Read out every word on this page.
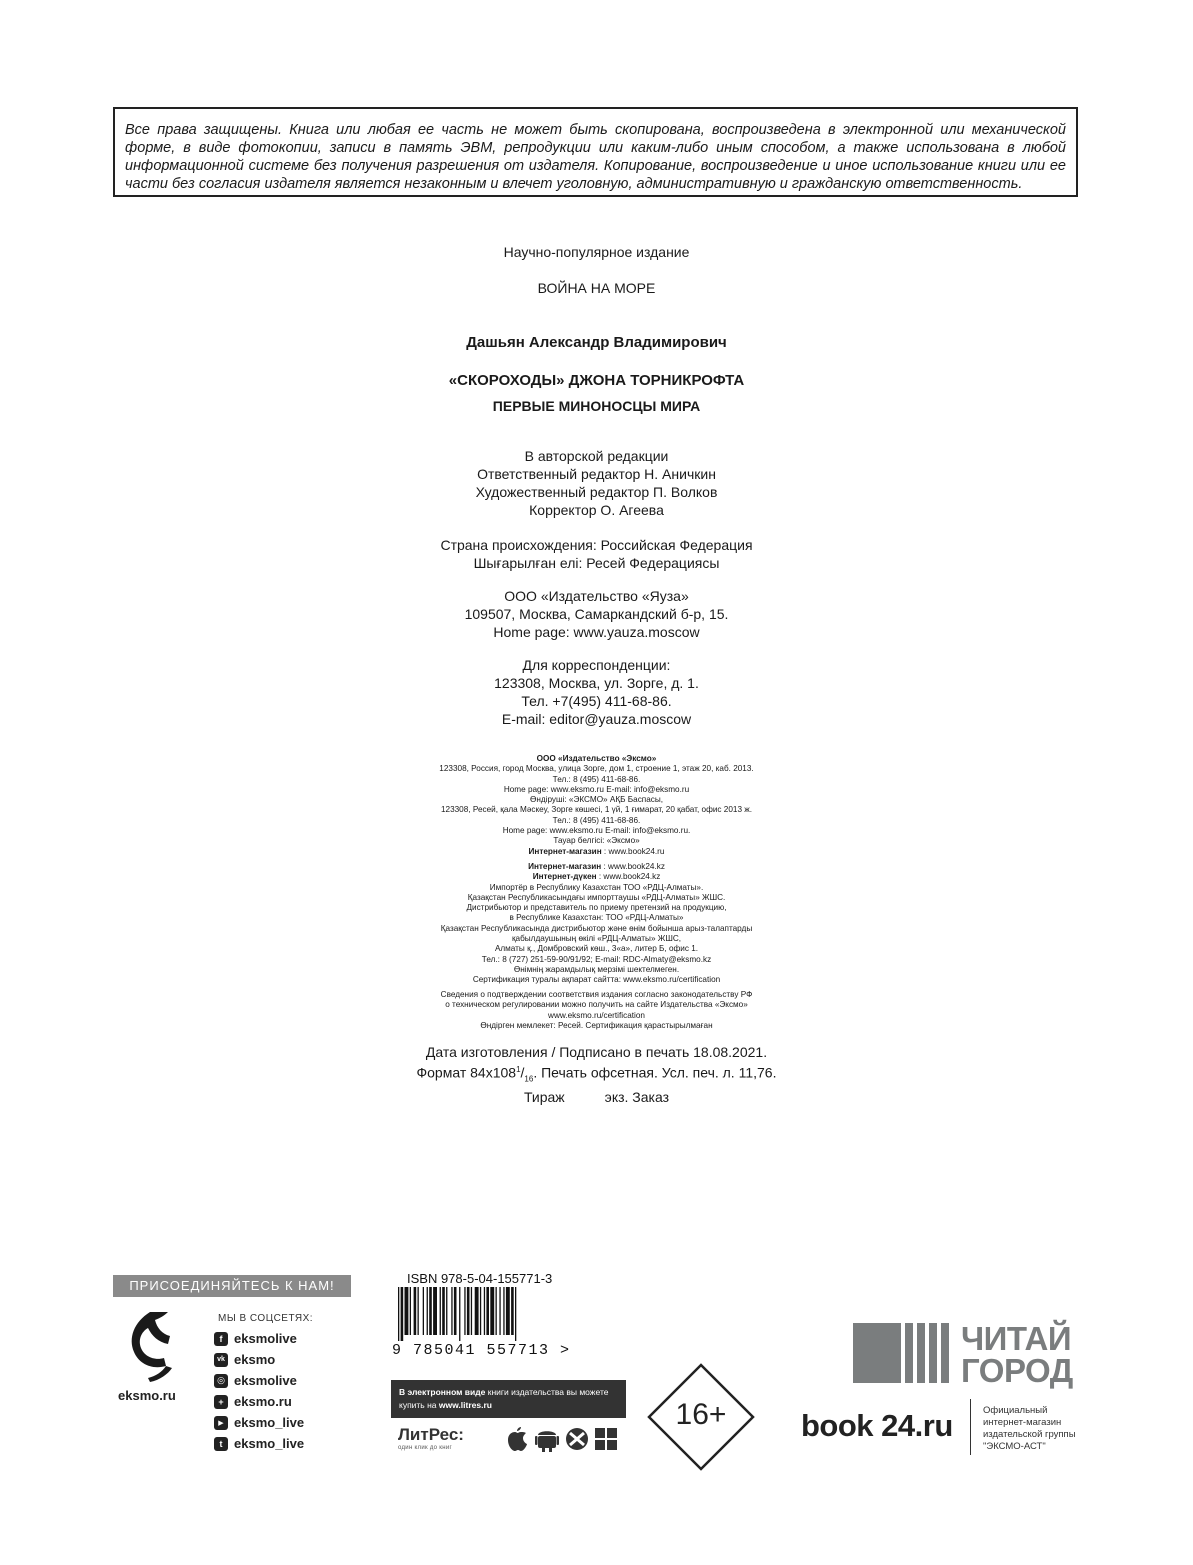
Все права защищены. Книга или любая ее часть не может быть скопирована, воспроизведена в электронной или механической форме, в виде фотокопии, записи в память ЭВМ, репродукции или каким-либо иным способом, а также использована в любой информационной системе без получения разрешения от издателя. Копирование, воспроизведение и иное использование книги или ее части без согласия издателя является незаконным и влечет уголовную, административную и гражданскую ответственность.
Научно-популярное издание
ВОЙНА НА МОРЕ
Дашьян Александр Владимирович
«СКОРОХОДЫ» ДЖОНА ТОРНИКРОФТА
ПЕРВЫЕ МИНОНОСЦЫ МИРА
В авторской редакции
Ответственный редактор Н. Аничкин
Художественный редактор П. Волков
Корректор О. Агеева
Страна происхождения: Российская Федерация
Шығарылған елі: Ресей Федерациясы
ООО «Издательство «Яуза»
109507, Москва, Самаркандский б-р, 15.
Home page: www.yauza.moscow
Для корреспонденции:
123308, Москва, ул. Зорге, д. 1.
Тел. +7(495) 411-68-86.
E-mail: editor@yauza.moscow
ООО «Издательство «Эксмо»
123308, Россия, город Москва, улица Зорге, дом 1, строение 1, этаж 20, каб. 2013.
Тел.: 8 (495) 411-68-86.
Home page: www.eksmo.ru E-mail: info@eksmo.ru
Өндіруші: «ЭКСМО» АҚБ Баспасы,
123308, Ресей, қала Мәскеу, Зорге көшесі, 1 үй, 1 ғимарат, 20 қабат, офис 2013 ж.
Тел.: 8 (495) 411-68-86.
Home page: www.eksmo.ru E-mail: info@eksmo.ru.
Тауар белгісі: «Эксмо»
Интернет-магазин : www.book24.ru
Интернет-магазин : www.book24.kz
Интернет-дүкен : www.book24.kz
Импортёр в Республику Казахстан ТОО «РДЦ-Алматы».
Қазақстан Республикасындағы импорттаушы «РДЦ-Алматы» ЖШС.
Дистрибьютор и представитель по приему претензий на продукцию,
в Республике Казахстан: ТОО «РДЦ-Алматы»
Қазақстан Республикасында дистрибьютор және өнім бойынша арыз-талаптарды
қабылдаушының өкілі «РДЦ-Алматы» ЖШС,
Алматы қ., Домбровский көш., 3«а», литер Б, офис 1.
Тел.: 8 (727) 251-59-90/91/92; E-mail: RDC-Almaty@eksmo.kz
Өнімнің жарамдылық мерзімі шектелмеген.
Сертификация туралы ақпарат сайтта: www.eksmo.ru/certification
Сведения о подтверждении соответствия издания согласно законодательству РФ
о техническом регулировании можно получить на сайте Издательства «Эксмо»
www.eksmo.ru/certification
Өндірген мемлекет: Ресей. Сертификация қарастырылмаған
Дата изготовления / Подписано в печать 18.08.2021.
Формат $84x108^1/_{16}$. Печать офсетная. Усл. печ. л. 11,76.
Тираж	экз. Заказ
ПРИСОЕДИНЯЙТЕСЬ К НАМ!
eksmo.ru
МЫ В СОЦСЕТЯХ:
f eksmolive
vk eksmo
◎ eksmolive
+ eksmo.ru
▶ eksmo_live
t eksmo_live
ISBN 978-5-04-155771-3
9 785041 557713 >
В электронном виде книги издательства вы можете
купить на www.litres.ru
ЛитРес:
один клик до книг
16+
ЧИТАЙ
ГОРОД
book 24.ru	Официальный
интернет-магазин
издательской группы
"ЭКСМО-АСТ"
